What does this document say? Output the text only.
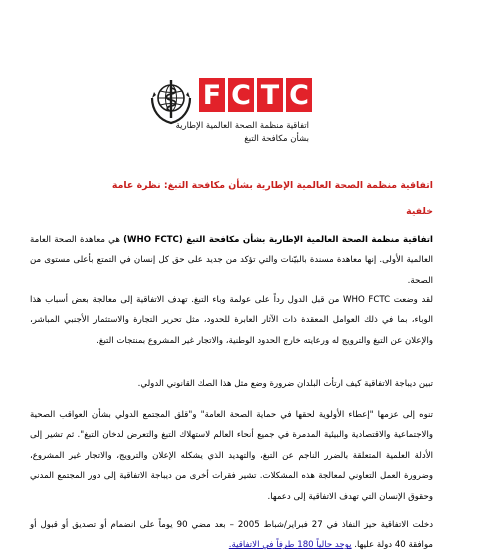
F C T C
اتفاقية منظمة الصحة العالمية الإطارية
بشأن مكافحة التبغ
اتفاقية منظمة الصحة العالمية الإطارية بشأن مكافحة التبغ: نظرة عامة
خلفية
اتفاقية منظمة الصحة العالمية الإطارية بشأن مكافحة التبغ (WHO FCTC) هي معاهدة الصحة العامة العالمية الأولى. إنها معاهدة مسندة بالبيّنات والتي تؤكد من جديد على حق كل إنسان في التمتع بأعلى مستوى من الصحة.
لقد وضعت WHO FCTC من قبل الدول رداً على عولمة وباء التبغ. تهدف الاتفاقية إلى معالجة بعض أسباب هذا الوباء، بما في ذلك العوامل المعقدة ذات الآثار العابرة للحدود، مثل تحرير التجارة والاستثمار الأجنبي المباشر، والإعلان عن التبغ والترويج له ورعايته خارج الحدود الوطنية، والاتجار غير المشروع بمنتجات التبغ.
تبين ديباجة الاتفاقية كيف ارتأت البلدان ضرورة وضع مثل هذا الصك القانوني الدولي.
تنوه إلى عزمها "إعطاء الأولوية لحقها في حماية الصحة العامة" و"قلق المجتمع الدولي بشأن العواقب الصحية والاجتماعية والاقتصادية والبيئية المدمرة في جميع أنحاء العالم لاستهلاك التبغ والتعرض لدخان التبغ". ثم تشير إلى الأدلة العلمية المتعلقة بالضرر الناجم عن التبغ، والتهديد الذي يشكله الإعلان والترويج، والاتجار غير المشروع، وضرورة العمل التعاوني لمعالجة هذه المشكلات. تشير فقرات أخرى من ديباجة الاتفاقية إلى دور المجتمع المدني وحقوق الإنسان التي تهدف الاتفاقية إلى دعمها.
دخلت الاتفاقية حيز النفاذ في 27 فبراير/شباط 2005 – بعد مضي 90 يوماً على انضمام أو تصديق أو قبول أو موافقة 40 دولة عليها. يوجد حالياً 180 طرفاً في الاتفاقية.
